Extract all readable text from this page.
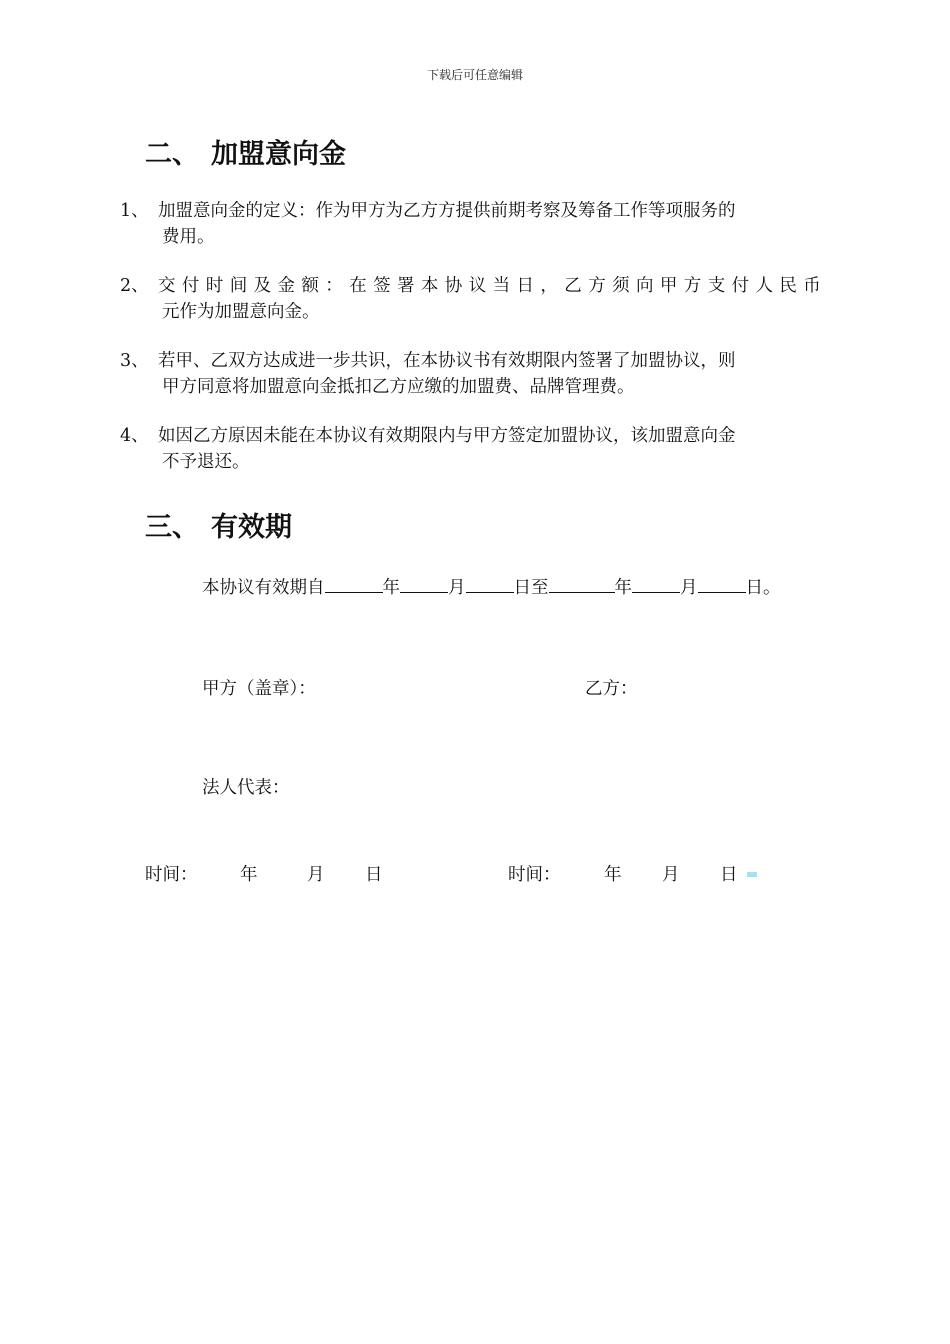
下载后可任意编辑
二、 加盟意向金
1、 加盟意向金的定义：作为甲方为乙方方提供前期考察及筹备工作等项服务的
费用。
2、 交付时间及金额：在签署本协议当日，乙方须向甲方支付人民币
元作为加盟意向金。
3、 若甲、乙双方达成进一步共识，在本协议书有效期限内签署了加盟协议，则
甲方同意将加盟意向金抵扣乙方应缴的加盟费、品牌管理费。
4、 如因乙方原因未能在本协议有效期限内与甲方签定加盟协议，该加盟意向金
不予退还。
三、 有效期
本协议有效期自	年	月	日至	年	月	日。
甲方（盖章）：	乙方：
法人代表：
时间： 年	月 日	时间： 年 月 日
